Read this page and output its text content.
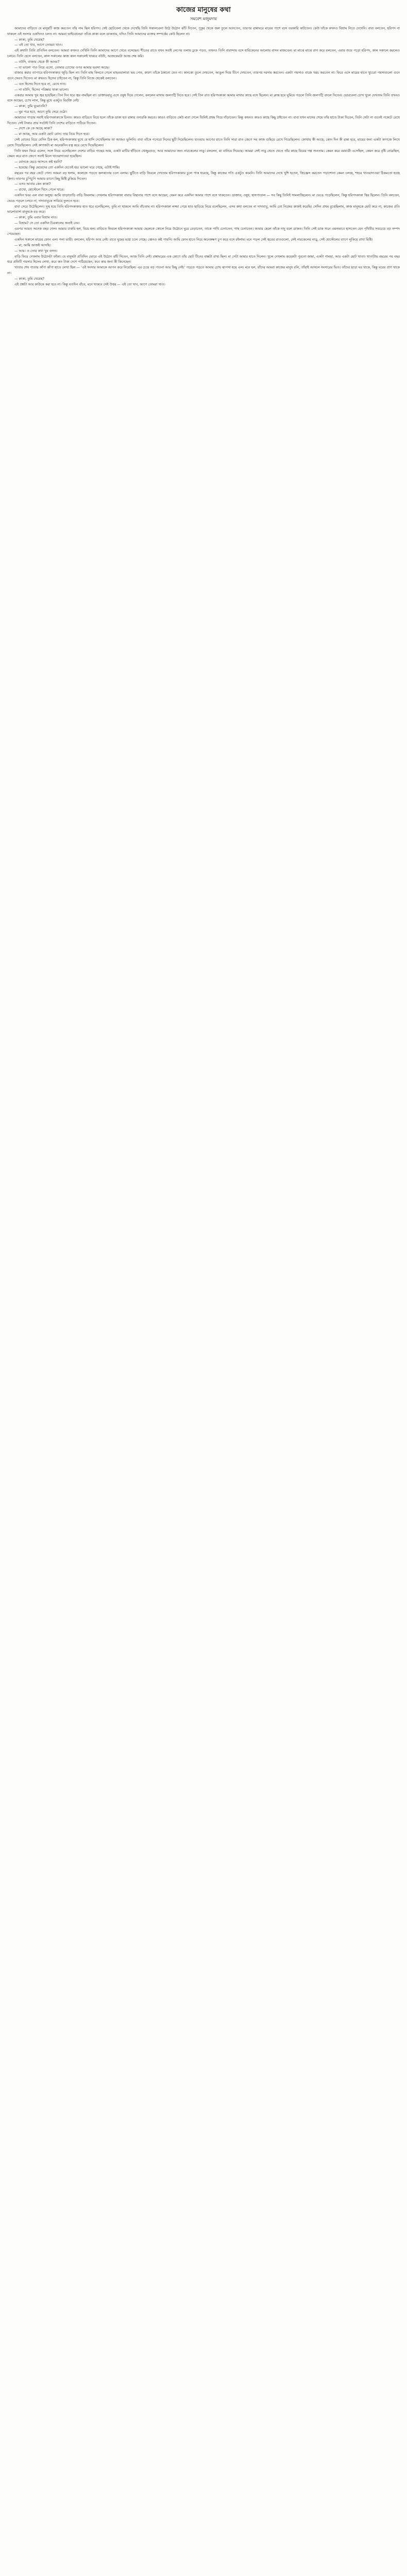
কাজের মানুষের কথা
সমরেশ মজুমদার

আমাদের বাড়িতে যে মানুষটি কাজ করতেন তাঁর নাম ছিল হরিপদ। সেই ছোটবেলা থেকে দেখেছি তিনি সকালবেলা উঠে উঠোন ঝাঁট দিতেন, পুকুর থেকে জল তুলে আনতেন, তারপর রান্নাঘরে মায়ের পাশে বসে তরকারি কাটতেন। কেউ তাঁকে কখনও বিশ্রাম নিতে দেখেনি। বাবা বলতেন, হরিপদ না থাকলে এই সংসার একদিনও চলত না। আমরা ভাইবোনেরা তাঁকে কাকা বলে ডাকতাম, যদিও তিনি আমাদের রক্তের সম্পর্কের কেউ ছিলেন না।

— কাকা, তুমি খেয়েছ?

— এই তো খাব, আগে তোমরা খাও।

এই কথাটা তিনি প্রতিদিন বলতেন। আমরা কখনও দেখিনি তিনি আমাদের আগে খেতে বসেছেন। শীতের রাতে যখন সবাই লেপের তলায় ঢুকে পড়ত, তখনও তিনি বারান্দায় বসে হারিকেনের আলোয় বাসন মাজতেন। মা মাঝে মাঝে রাগ করে বলতেন, এবার শুয়ে পড়ো হরিপদ, কাল সকালে করলেও চলবে। তিনি হেসে বলতেন, কাল সকালের কাজ কাল সকালেই থাকবে বউদি, আজকেরটা আজ শেষ করি।

— বউদি, বাজার থেকে কী আনব?

— যা ভালো পাও নিয়ে এসো, তোমার চোখের ওপর আমার ভরসা আছে।

বাজার করার ব্যাপারে হরিপদকাকার জুড়ি ছিল না। তিনি মাছ কিনতে গেলে মাছওয়ালারা ভয় পেত, কারণ তাঁকে ঠকানো যেত না। কানকো তুলে দেখতেন, আঙুল দিয়ে টিপে দেখতেন, তারপর দরদাম করতেন। একটা পয়সাও বাজে খরচ করতেন না। ফিরে এসে মায়ের হাতে খুচরো পয়সাগুলো গুনে গুনে ফেরত দিতেন। মা কখনও হিসেব চাইতেন না, কিন্তু তিনি নিজে থেকেই বলতেন।

— এত হিসেব দিতে হবে না, রেখে দাও।

— না বউদি, হিসেব পরিষ্কার থাকা ভালো।

একবার আমার খুব জ্বর হয়েছিল। তিন দিন ধরে জ্বর নামছিল না। ডাক্তারবাবু এসে ওষুধ দিয়ে গেলেন, বললেন মাথায় জলপট্টি দিতে হবে। সেই তিন রাত হরিপদকাকা আমার মাথার কাছে বসে ছিলেন। মা ক্লান্ত হয়ে ঘুমিয়ে পড়লে তিনি জলপট্টি বদলে দিতেন। ভোরবেলা চোখ খুলে দেখতাম তিনি তখনও বসে আছেন, চোখ লাল, কিন্তু মুখে একটুও বিরক্তি নেই।

— কাকা, তুমি ঘুমোওনি?

— ঘুম পরে হবে, আগে তুমি সেরে ওঠো।

আমাদের পাড়ায় সবাই হরিপদকাকাকে চিনত। কারও বাড়িতে বিয়ে হলে তাঁকে ডাকা হত রান্নার তদারকি করতে। কারও বাড়িতে কেউ মারা গেলে তিনিই প্রথম গিয়ে দাঁড়াতেন। কিন্তু কখনও কারও কাছে কিছু চাইতেন না। বাবা যখন মাসের শেষে তাঁর হাতে টাকা দিতেন, তিনি সেটা না গুনেই পকেটে রেখে দিতেন। সেই টাকার প্রায় সবটাই তিনি দেশের বাড়িতে পাঠিয়ে দিতেন।

— দেশে কে কে আছে কাকা?

— মা আছে, আর একটা ছোট বোন। তার বিয়ে দিতে হবে।

সেই বোনের বিয়ে যেদিন ঠিক হল, হরিপদকাকার মুখে যে হাসি দেখেছিলাম তা আজও ভুলিনি। বাবা তাঁকে পনেরো দিনের ছুটি দিয়েছিলেন। যাওয়ার আগের রাতে তিনি সারা রাত জেগে সব কাজ গুছিয়ে রেখে গিয়েছিলেন। কোথায় কী আছে, কোন দিন কী রান্না হবে, মায়ের জন্য একটা কাগজে লিখে রেখে গিয়েছিলেন। সেই কাগজটা মা অনেকদিন যত্ন করে রেখে দিয়েছিলেন।

তিনি যখন ফিরে এলেন, সঙ্গে নিয়ে এসেছিলেন দেশের বাড়ির গাছের আম, একটা মাটির হাঁড়িতে খেজুরগুড়, আর আমাদের জন্য নারকেলের নাড়ু। বললেন, মা বানিয়ে দিয়েছে। আমরা সেই নাড়ু খেতে খেতে তাঁর কাছে বিয়ের গল্প শুনতাম। কেমন করে বরযাত্রী এসেছিল, কেমন করে বৃষ্টি নেমেছিল, কেমন করে রাত জেগে সবাই মিলে খাওয়াদাওয়া হয়েছিল।

— বোনকে ছেড়ে আসতে কষ্ট হয়নি?

— হয়েছে। কিন্তু মেয়েদের তো একদিন যেতেই হয়। ভালো ঘরে গেছে, এটাই শান্তি।

বছরের পর বছর কেটে গেল। আমরা বড় হলাম, কলেজে পড়তে কলকাতায় চলে এলাম। ছুটিতে বাড়ি ফিরলে দেখতাম হরিপদকাকার চুলে পাক ধরেছে, কিন্তু কাজের গতি একটুও কমেনি। তিনি আমাদের দেখে খুশি হতেন, জিজ্ঞেস করতেন পড়াশোনা কেমন চলছে, শহরে খাওয়াদাওয়া ঠিকমতো হচ্ছে কিনা। তারপর চুপিচুপি আমার ব্যাগে কিছু মিষ্টি ঢুকিয়ে দিতেন।

— এসব আবার কেন কাকা?

— রাখো, হোস্টেলে খিদে পেলে খাবে।

একদিন খবর এল বাবা অসুস্থ। আমি তাড়াতাড়ি বাড়ি ফিরলাম। দেখলাম হরিপদকাকা বাবার বিছানার পাশে বসে আছেন, যেমন করে একদিন আমার পাশে বসে থাকতেন। ডাক্তার, ওষুধ, হাসপাতাল — সব কিছু তিনিই সামলাচ্ছিলেন। মা ভেঙে পড়েছিলেন, কিন্তু হরিপদকাকা স্থির ছিলেন। তিনি বলতেন, ভেঙে পড়লে চলবে না, দাদাবাবুকে সারিয়ে তুলতে হবে।

বাবা সেরে উঠেছিলেন। সুস্থ হয়ে তিনি হরিপদকাকার হাত ধরে বলেছিলেন, তুমি না থাকলে আমি বাঁচতাম না। হরিপদকাকা লজ্জা পেয়ে হাত ছাড়িয়ে নিয়ে বলেছিলেন, এসব কথা বলবেন না দাদাবাবু, আমি তো নিজের কাজই করেছি। সেদিন প্রথম বুঝেছিলাম, কাজ মানুষকে ছোট করে না, কাজের প্রতি ভালোবাসা মানুষকে বড় করে।

— কাকা, তুমি এবার বিশ্রাম নাও।

— বিশ্রাম? সে তো একদিন চিরকালের জন্যই নেব।

এরপর আরও অনেক বছর গেল। আমার চাকরি হল, বিয়ে হল। বাড়িতে ফিরলে হরিপদকাকা আমার ছেলেকে কোলে নিয়ে উঠোনে ঘুরে বেড়াতেন, তাকে পাখি চেনাতেন, গাছ চেনাতেন। আমার ছেলে তাঁকে দাদু বলে ডাকত। তিনি সেই ডাক শুনে এমনভাবে হাসতেন যেন পৃথিবীর সবচেয়ে বড় সম্পদ পেয়েছেন।

একদিন সকালে মায়ের ফোন এল। গলা ভারী। বললেন, হরিপদ আর নেই। রাতে ঘুমের মধ্যে চলে গেছে। কোনও কষ্ট পায়নি। আমি ফোন হাতে নিয়ে অনেকক্ষণ চুপ করে বসে রইলাম। মনে পড়ল সেই জ্বরের রাতগুলো, সেই নারকেলের নাড়ু, সেই হোস্টেলের ব্যাগে লুকিয়ে রাখা মিষ্টি।

— মা, আমি আজই আসছি।

— আয়। ও তোর কথা খুব বলত।

বাড়ি ফিরে দেখলাম উঠোনটা ফাঁকা। যে মানুষটা প্রতিদিন ভোরে এই উঠোন ঝাঁট দিতেন, আজ তিনি নেই। রান্নাঘরের এক কোণে তাঁর ছোট টিনের বাক্সটা রাখা ছিল। মা সেটা আমার হাতে দিলেন। খুলে দেখলাম কয়েকটা পুরনো জামা, একটা গামছা, আর একটা ছোট খাতা। খাতাটায় বছরের পর বছর ধরে প্রতিটি পয়সার হিসেব লেখা, কবে কত টাকা দেশে পাঠিয়েছেন, কবে কার জন্য কী কিনেছেন।

খাতার শেষ পাতায় কাঁপা কাঁপা হাতে লেখা ছিল — ‘এই সংসার আমাকে আপন করে নিয়েছিল। এর চেয়ে বড় পাওনা আর কিছু নেই।’ পড়তে পড়তে আমার চোখ ঝাপসা হয়ে এল। মনে হল, যাঁদের আমরা কাজের মানুষ বলি, তাঁরাই আসলে সংসারের ভিত। তাঁদের ছাড়া ঘর থাকে, কিন্তু ঘরের প্রাণ থাকে না।

— কাকা, তুমি খেয়েছ?

এই প্রশ্নটা আর কাউকে করা হবে না। কিন্তু যতদিন বাঁচব, মনে থাকবে সেই উত্তর — এই তো খাব, আগে তোমরা খাও।
